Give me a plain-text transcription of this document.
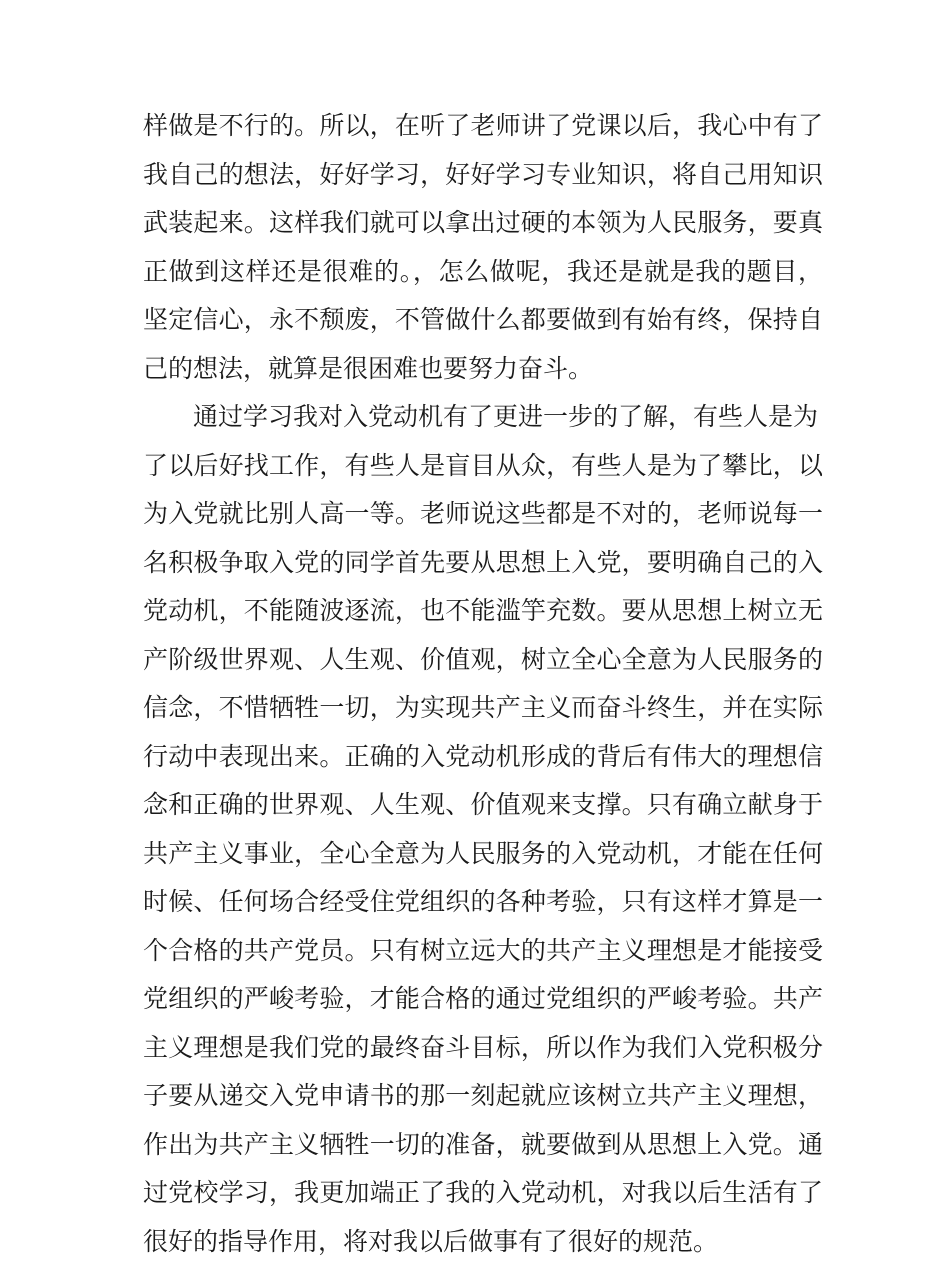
样做是不行的。所以，在听了老师讲了党课以后，我心中有了
我自己的想法，好好学习，好好学习专业知识，将自己用知识
武装起来。这样我们就可以拿出过硬的本领为人民服务，要真
正做到这样还是很难的。，怎么做呢，我还是就是我的题目，
坚定信心，永不颓废，不管做什么都要做到有始有终，保持自
己的想法，就算是很困难也要努力奋斗。
通过学习我对入党动机有了更进一步的了解，有些人是为
了以后好找工作，有些人是盲目从众，有些人是为了攀比，以
为入党就比别人高一等。老师说这些都是不对的，老师说每一
名积极争取入党的同学首先要从思想上入党，要明确自己的入
党动机，不能随波逐流，也不能滥竽充数。要从思想上树立无
产阶级世界观、人生观、价值观，树立全心全意为人民服务的
信念，不惜牺牲一切，为实现共产主义而奋斗终生，并在实际
行动中表现出来。正确的入党动机形成的背后有伟大的理想信
念和正确的世界观、人生观、价值观来支撑。只有确立献身于
共产主义事业，全心全意为人民服务的入党动机，才能在任何
时候、任何场合经受住党组织的各种考验，只有这样才算是一
个合格的共产党员。只有树立远大的共产主义理想是才能接受
党组织的严峻考验，才能合格的通过党组织的严峻考验。共产
主义理想是我们党的最终奋斗目标，所以作为我们入党积极分
子要从递交入党申请书的那一刻起就应该树立共产主义理想，
作出为共产主义牺牲一切的准备，就要做到从思想上入党。通
过党校学习，我更加端正了我的入党动机，对我以后生活有了
很好的指导作用，将对我以后做事有了很好的规范。
